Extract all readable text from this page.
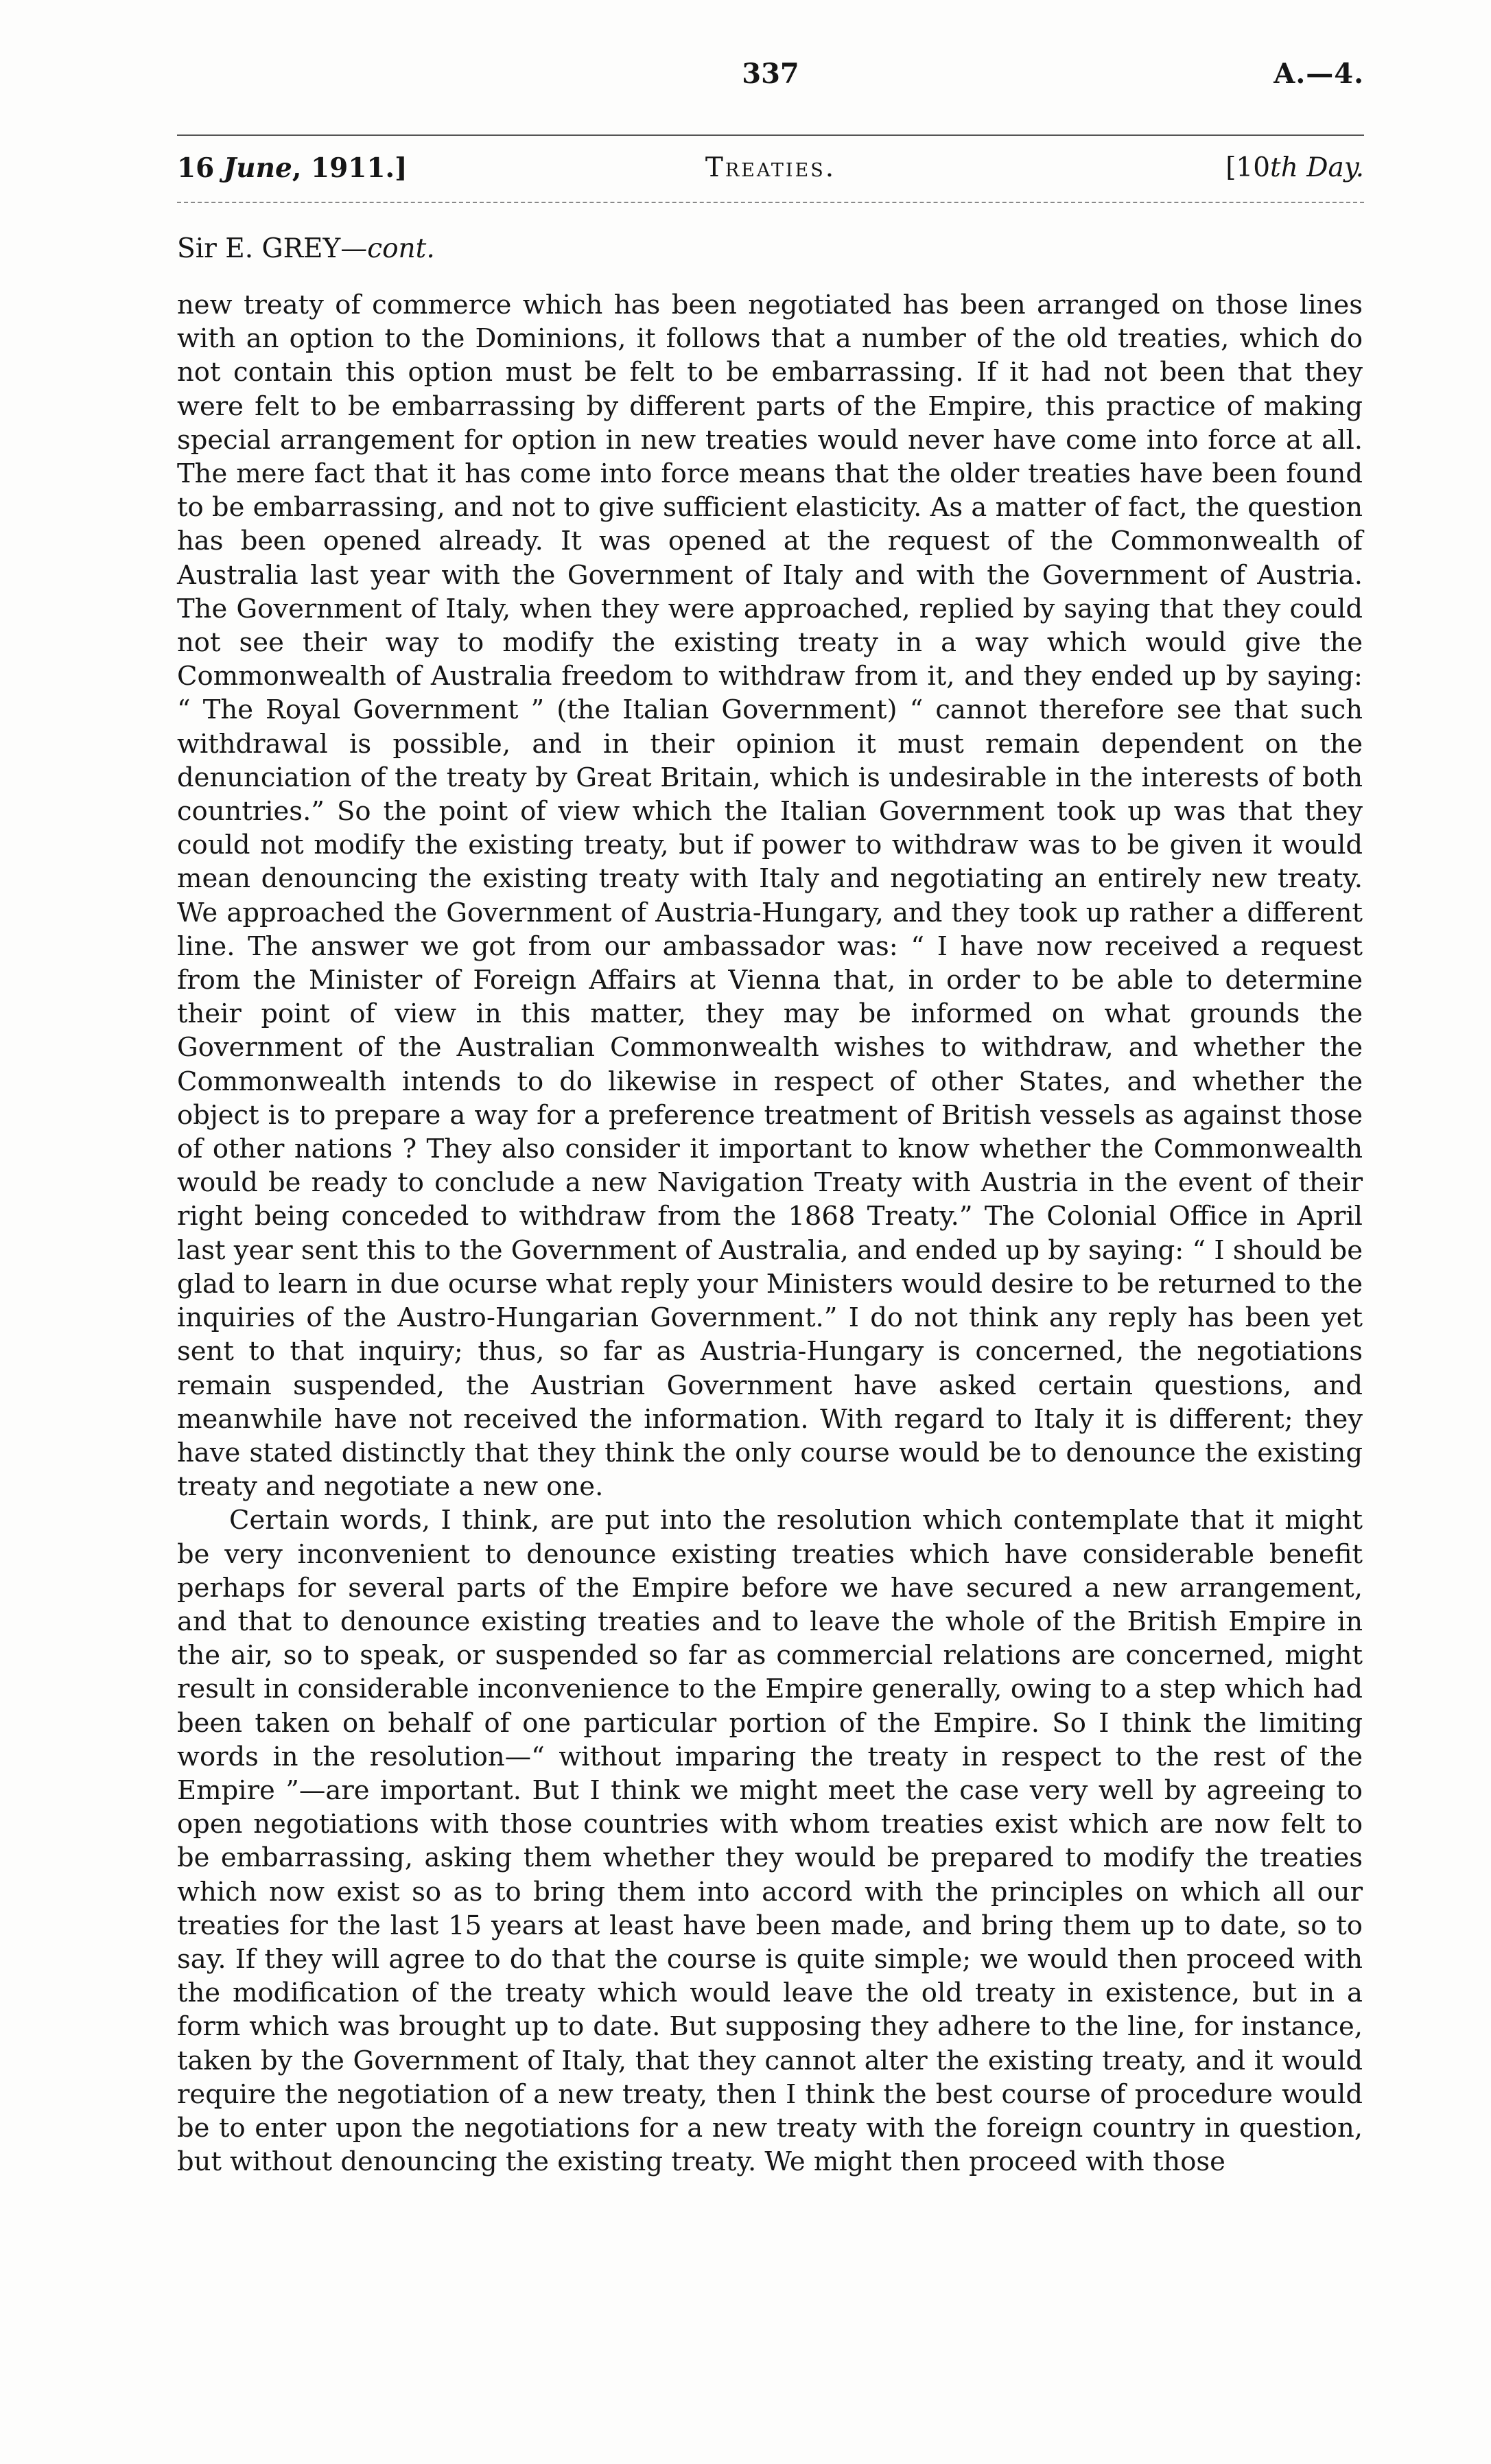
337	A.—4.
16 June, 1911.]	Treaties.	[10th Day.
Sir E. GREY—cont.

new treaty of commerce which has been negotiated has been arranged on those lines with an option to the Dominions, it follows that a number of the old treaties, which do not contain this option must be felt to be embarrassing. If it had not been that they were felt to be embarrassing by different parts of the Empire, this practice of making special arrangement for option in new treaties would never have come into force at all. The mere fact that it has come into force means that the older treaties have been found to be embarrassing, and not to give sufficient elasticity. As a matter of fact, the question has been opened already. It was opened at the request of the Commonwealth of Australia last year with the Government of Italy and with the Government of Austria. The Government of Italy, when they were approached, replied by saying that they could not see their way to modify the existing treaty in a way which would give the Commonwealth of Australia freedom to withdraw from it, and they ended up by saying: “ The Royal Government ” (the Italian Government) “ cannot therefore see that such withdrawal is possible, and in their opinion it must remain dependent on the denunciation of the treaty by Great Britain, which is undesirable in the interests of both countries.” So the point of view which the Italian Government took up was that they could not modify the existing treaty, but if power to withdraw was to be given it would mean denouncing the existing treaty with Italy and negotiating an entirely new treaty. We approached the Government of Austria-Hungary, and they took up rather a different line. The answer we got from our ambassador was: “ I have now received a request from the Minister of Foreign Affairs at Vienna that, in order to be able to determine their point of view in this matter, they may be informed on what grounds the Government of the Australian Commonwealth wishes to withdraw, and whether the Commonwealth intends to do likewise in respect of other States, and whether the object is to prepare a way for a preference treatment of British vessels as against those of other nations ? They also consider it important to know whether the Commonwealth would be ready to conclude a new Navigation Treaty with Austria in the event of their right being conceded to withdraw from the 1868 Treaty.” The Colonial Office in April last year sent this to the Government of Australia, and ended up by saying: “ I should be glad to learn in due ocurse what reply your Ministers would desire to be returned to the inquiries of the Austro-Hungarian Government.” I do not think any reply has been yet sent to that inquiry; thus, so far as Austria-Hungary is concerned, the negotiations remain suspended, the Austrian Government have asked certain questions, and meanwhile have not received the information. With regard to Italy it is different; they have stated distinctly that they think the only course would be to denounce the existing treaty and negotiate a new one.

Certain words, I think, are put into the resolution which contemplate that it might be very inconvenient to denounce existing treaties which have considerable benefit perhaps for several parts of the Empire before we have secured a new arrangement, and that to denounce existing treaties and to leave the whole of the British Empire in the air, so to speak, or suspended so far as commercial relations are concerned, might result in considerable inconvenience to the Empire generally, owing to a step which had been taken on behalf of one particular portion of the Empire. So I think the limiting words in the resolution—“ without imparing the treaty in respect to the rest of the Empire ”—are important. But I think we might meet the case very well by agreeing to open negotiations with those countries with whom treaties exist which are now felt to be embarrassing, asking them whether they would be prepared to modify the treaties which now exist so as to bring them into accord with the principles on which all our treaties for the last 15 years at least have been made, and bring them up to date, so to say. If they will agree to do that the course is quite simple; we would then proceed with the modification of the treaty which would leave the old treaty in existence, but in a form which was brought up to date. But supposing they adhere to the line, for instance, taken by the Government of Italy, that they cannot alter the existing treaty, and it would require the negotiation of a new treaty, then I think the best course of procedure would be to enter upon the negotiations for a new treaty with the foreign country in question, but without denouncing the existing treaty. We might then proceed with those
